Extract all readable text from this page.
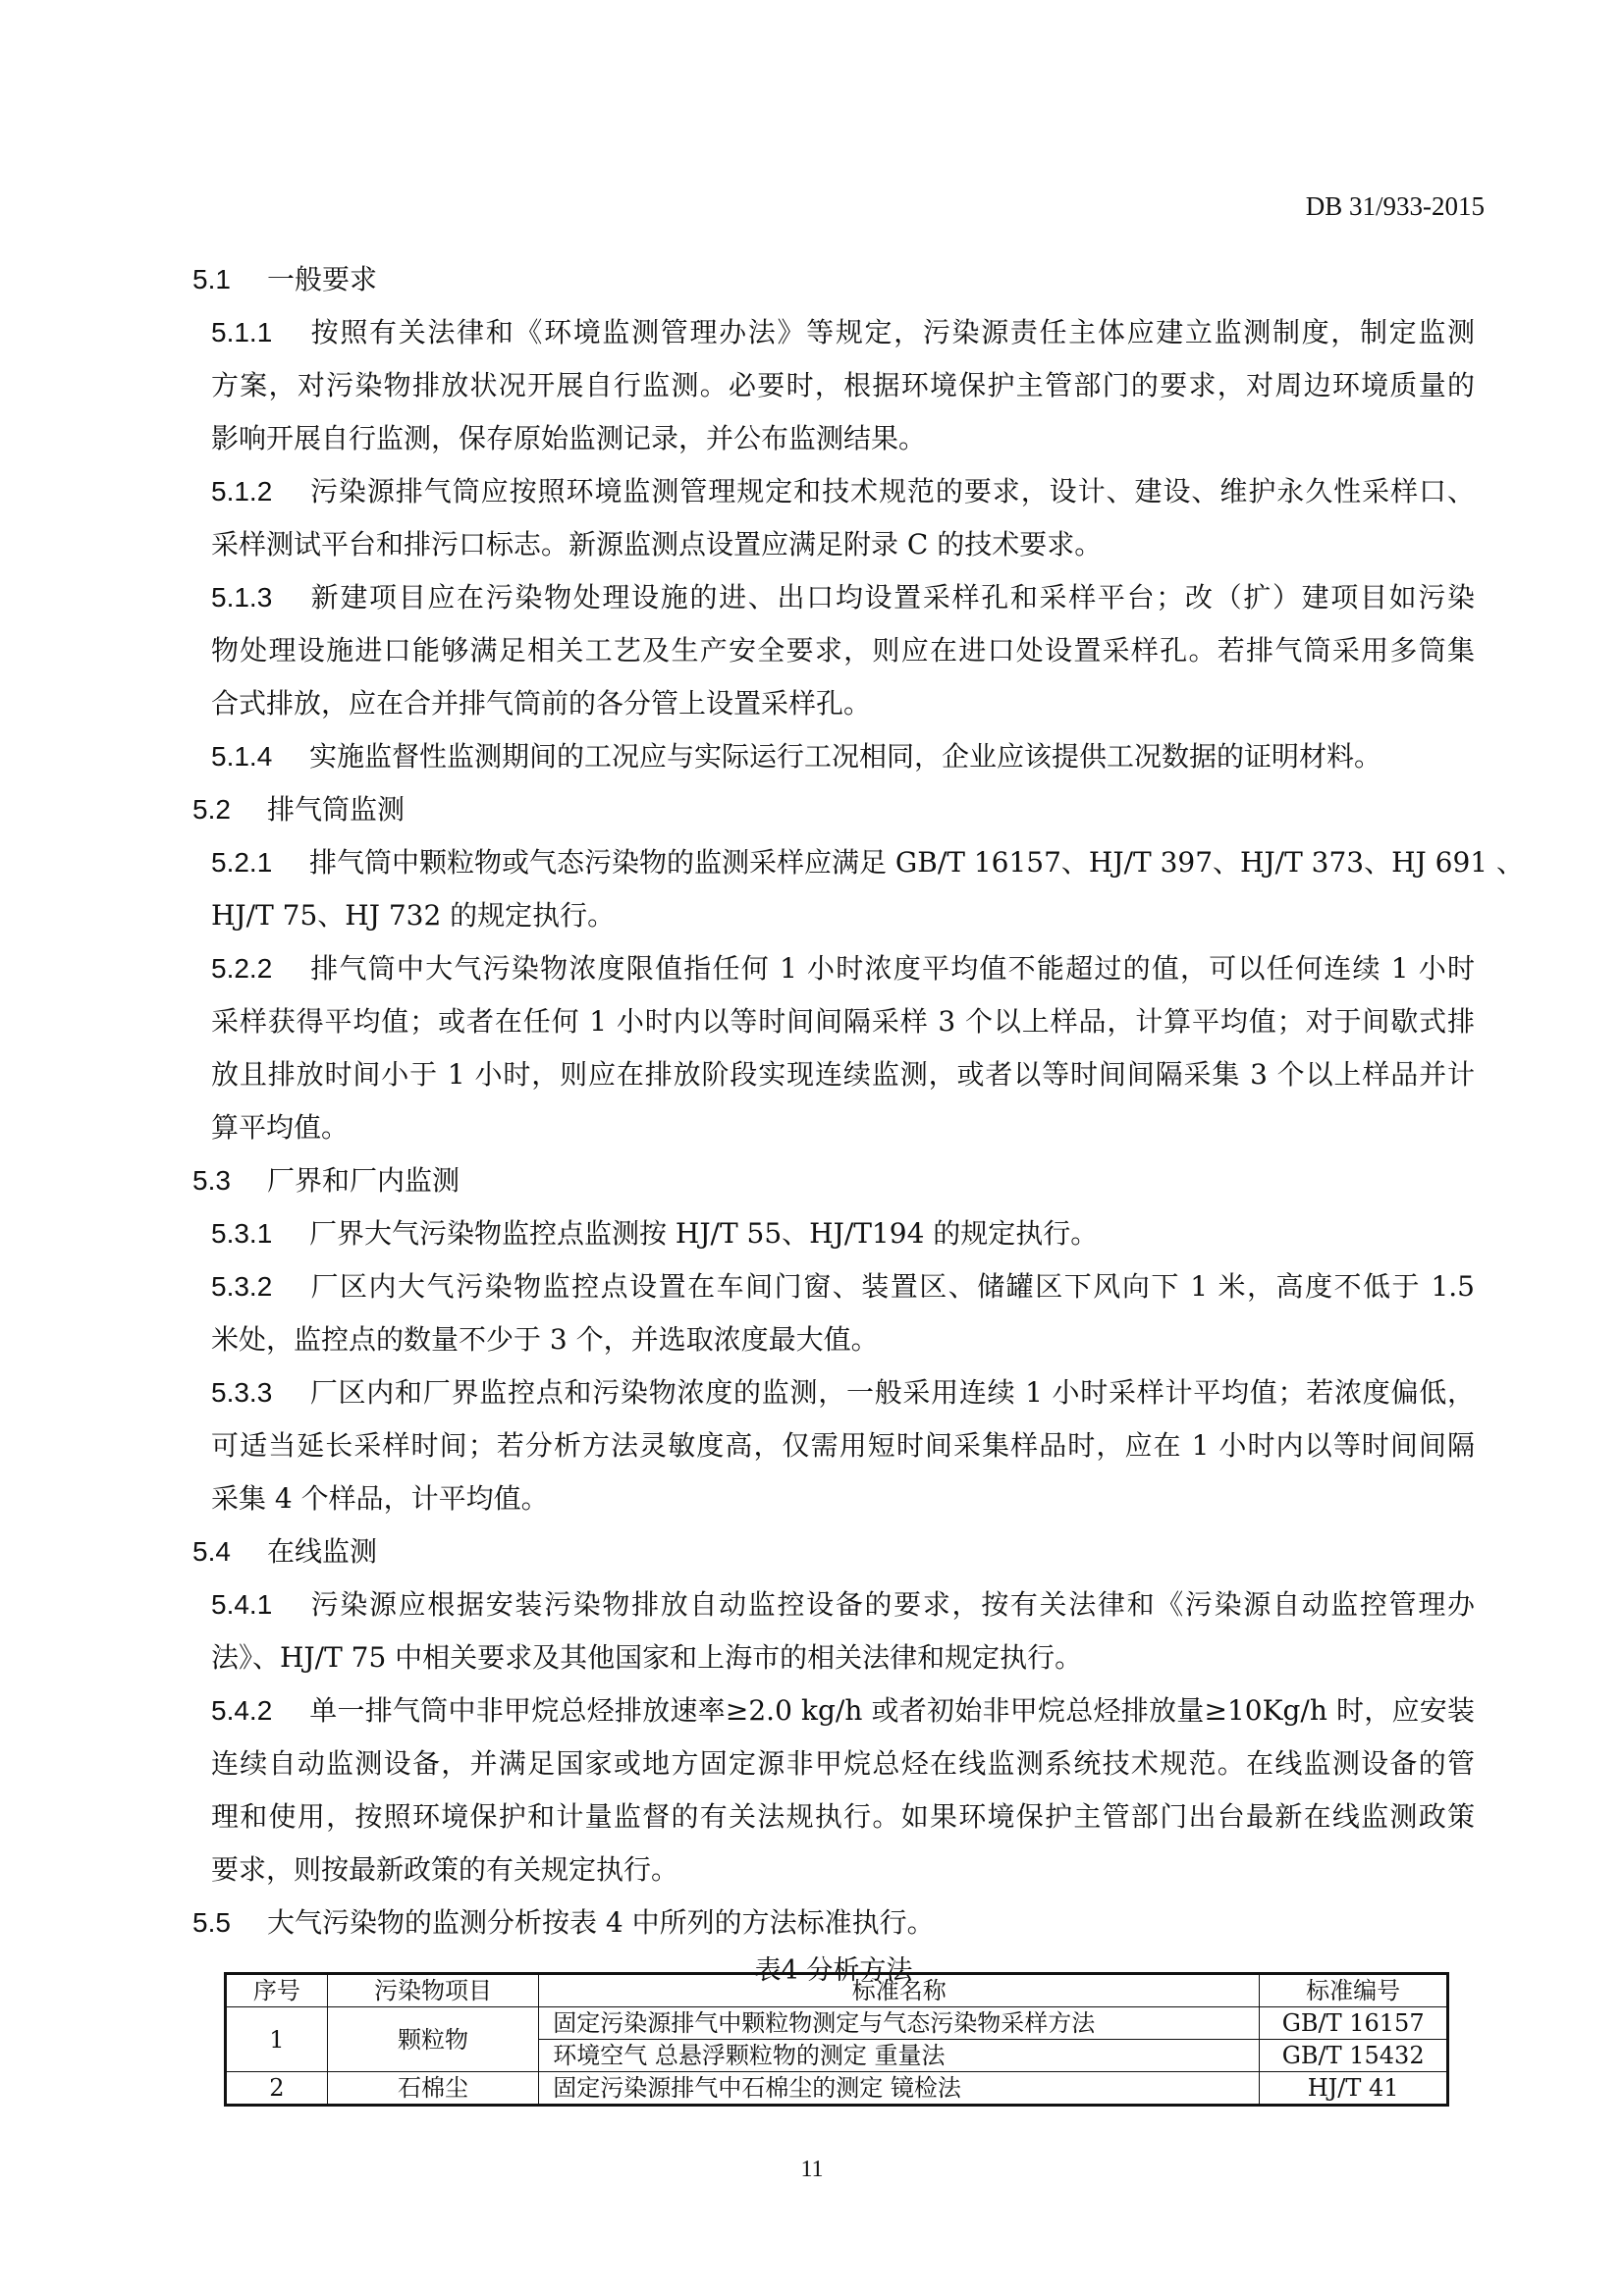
DB 31/933-2015
5.1 一般要求
5.1.1 按照有关法律和《环境监测管理办法》等规定，污染源责任主体应建立监测制度，制定监测
方案，对污染物排放状况开展自行监测。必要时，根据环境保护主管部门的要求，对周边环境质量的
影响开展自行监测，保存原始监测记录，并公布监测结果。
5.1.2 污染源排气筒应按照环境监测管理规定和技术规范的要求，设计、建设、维护永久性采样口、
采样测试平台和排污口标志。新源监测点设置应满足附录 C 的技术要求。
5.1.3 新建项目应在污染物处理设施的进、出口均设置采样孔和采样平台；改（扩）建项目如污染
物处理设施进口能够满足相关工艺及生产安全要求，则应在进口处设置采样孔。若排气筒采用多筒集
合式排放，应在合并排气筒前的各分管上设置采样孔。
5.1.4 实施监督性监测期间的工况应与实际运行工况相同，企业应该提供工况数据的证明材料。
5.2 排气筒监测
5.2.1 排气筒中颗粒物或气态污染物的监测采样应满足 GB/T 16157、HJ/T 397、HJ/T 373、HJ 691 、
HJ/T 75、HJ 732 的规定执行。
5.2.2 排气筒中大气污染物浓度限值指任何 1 小时浓度平均值不能超过的值，可以任何连续 1 小时
采样获得平均值；或者在任何 1 小时内以等时间间隔采样 3 个以上样品，计算平均值；对于间歇式排
放且排放时间小于 1 小时，则应在排放阶段实现连续监测，或者以等时间间隔采集 3 个以上样品并计
算平均值。
5.3 厂界和厂内监测
5.3.1 厂界大气污染物监控点监测按 HJ/T 55、HJ/T194 的规定执行。
5.3.2 厂区内大气污染物监控点设置在车间门窗、装置区、储罐区下风向下 1 米，高度不低于 1.5
米处，监控点的数量不少于 3 个，并选取浓度最大值。
5.3.3 厂区内和厂界监控点和污染物浓度的监测，一般采用连续 1 小时采样计平均值；若浓度偏低，
可适当延长采样时间；若分析方法灵敏度高，仅需用短时间采集样品时，应在 1 小时内以等时间间隔
采集 4 个样品，计平均值。
5.4 在线监测
5.4.1 污染源应根据安装污染物排放自动监控设备的要求，按有关法律和《污染源自动监控管理办
法》、HJ/T 75 中相关要求及其他国家和上海市的相关法律和规定执行。
5.4.2 单一排气筒中非甲烷总烃排放速率≥2.0 kg/h 或者初始非甲烷总烃排放量≥10Kg/h 时，应安装
连续自动监测设备，并满足国家或地方固定源非甲烷总烃在线监测系统技术规范。在线监测设备的管
理和使用，按照环境保护和计量监督的有关法规执行。如果环境保护主管部门出台最新在线监测政策
要求，则按最新政策的有关规定执行。
5.5 大气污染物的监测分析按表 4 中所列的方法标准执行。
表4 分析方法
序号	污染物项目	标准名称	标准编号
1	颗粒物	固定污染源排气中颗粒物测定与气态污染物采样方法	GB/T 16157
		环境空气 总悬浮颗粒物的测定 重量法	GB/T 15432
2	石棉尘	固定污染源排气中石棉尘的测定 镜检法	HJ/T 41
11
